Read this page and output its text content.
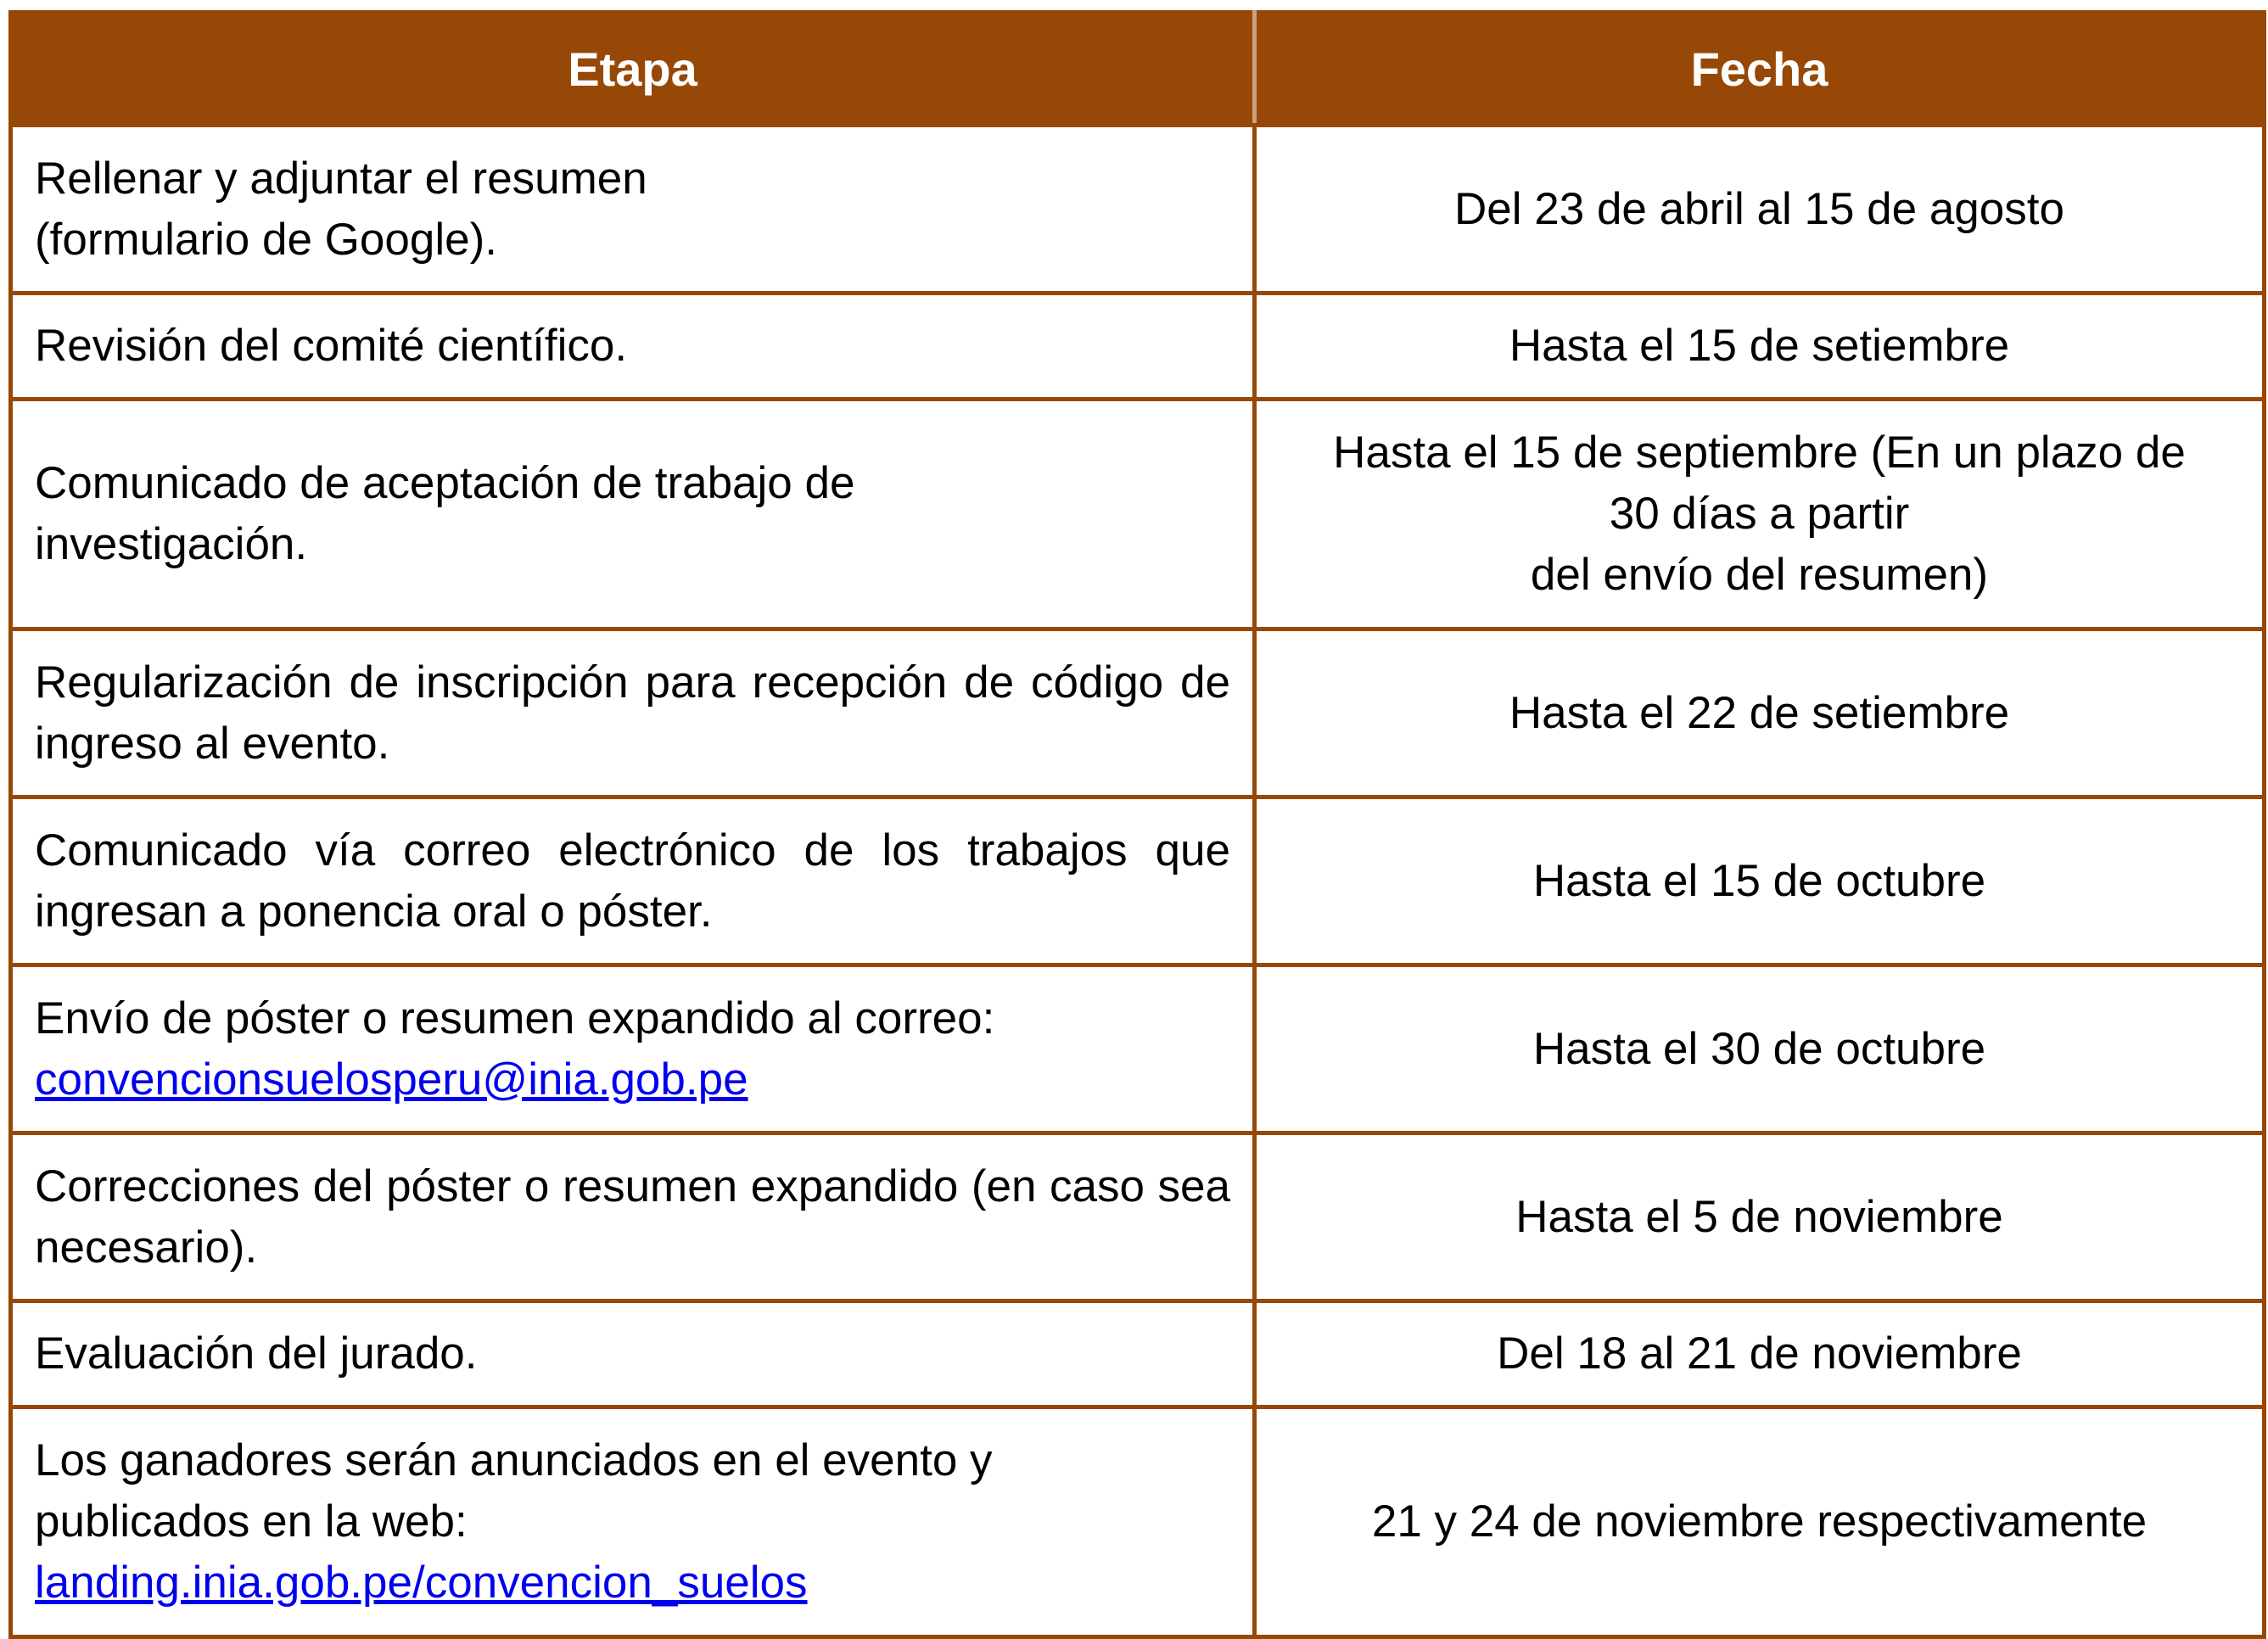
Etapa	Fecha

Rellenar y adjuntar el resumen
(formulario de Google).	Del 23 de abril al 15 de agosto

Revisión del comité científico.	Hasta el 15 de setiembre

Comunicado de aceptación de trabajo de
investigación.	Hasta el 15 de septiembre (En un plazo de
30 días a partir
del envío del resumen)

Regularización de inscripción para recepción de código de ingreso al evento.	Hasta el 22 de setiembre

Comunicado vía correo electrónico de los trabajos que ingresan a ponencia oral o póster.	Hasta el 15 de octubre

Envío de póster o resumen expandido al correo:
convencionsuelosperu@inia.gob.pe	Hasta el 30 de octubre

Correcciones del póster o resumen expandido (en caso sea necesario).	Hasta el 5 de noviembre

Evaluación del jurado.	Del 18 al 21 de noviembre

Los ganadores serán anunciados en el evento y
publicados en la web:
landing.inia.gob.pe/convencion_suelos	21 y 24 de noviembre respectivamente
